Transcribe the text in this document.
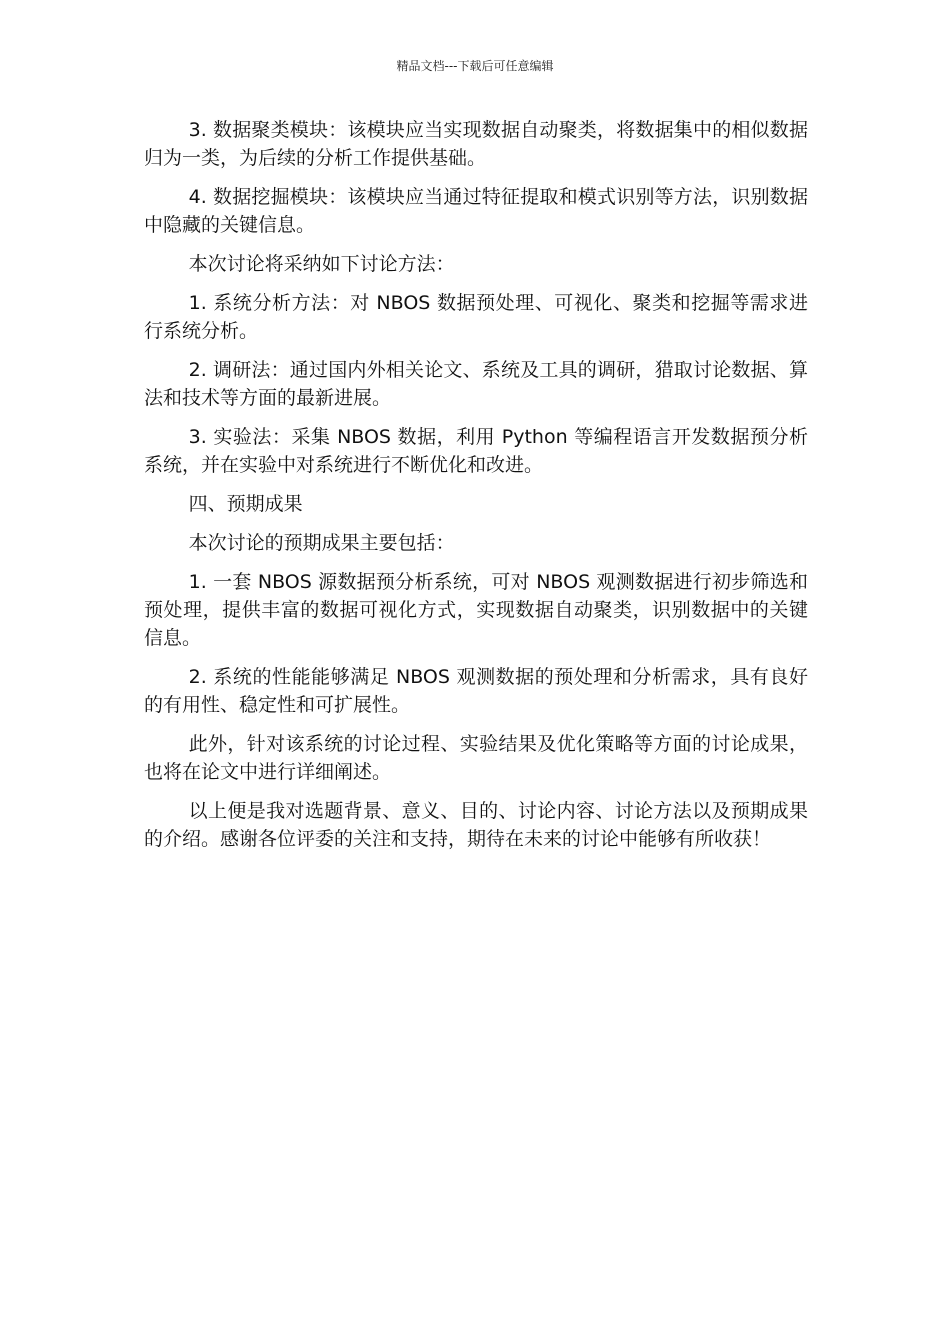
精品文档---下载后可任意编辑

3. 数据聚类模块：该模块应当实现数据自动聚类，将数据集中的相似数据归为一类，为后续的分析工作提供基础。

4. 数据挖掘模块：该模块应当通过特征提取和模式识别等方法，识别数据中隐藏的关键信息。

本次讨论将采纳如下讨论方法：

1. 系统分析方法：对 NBOS 数据预处理、可视化、聚类和挖掘等需求进行系统分析。

2. 调研法：通过国内外相关论文、系统及工具的调研，猎取讨论数据、算法和技术等方面的最新进展。

3. 实验法：采集 NBOS 数据，利用 Python 等编程语言开发数据预分析系统，并在实验中对系统进行不断优化和改进。

四、预期成果

本次讨论的预期成果主要包括：

1. 一套 NBOS 源数据预分析系统，可对 NBOS 观测数据进行初步筛选和预处理，提供丰富的数据可视化方式，实现数据自动聚类，识别数据中的关键信息。

2. 系统的性能能够满足 NBOS 观测数据的预处理和分析需求，具有良好的有用性、稳定性和可扩展性。

此外，针对该系统的讨论过程、实验结果及优化策略等方面的讨论成果，也将在论文中进行详细阐述。

以上便是我对选题背景、意义、目的、讨论内容、讨论方法以及预期成果的介绍。感谢各位评委的关注和支持，期待在未来的讨论中能够有所收获！
